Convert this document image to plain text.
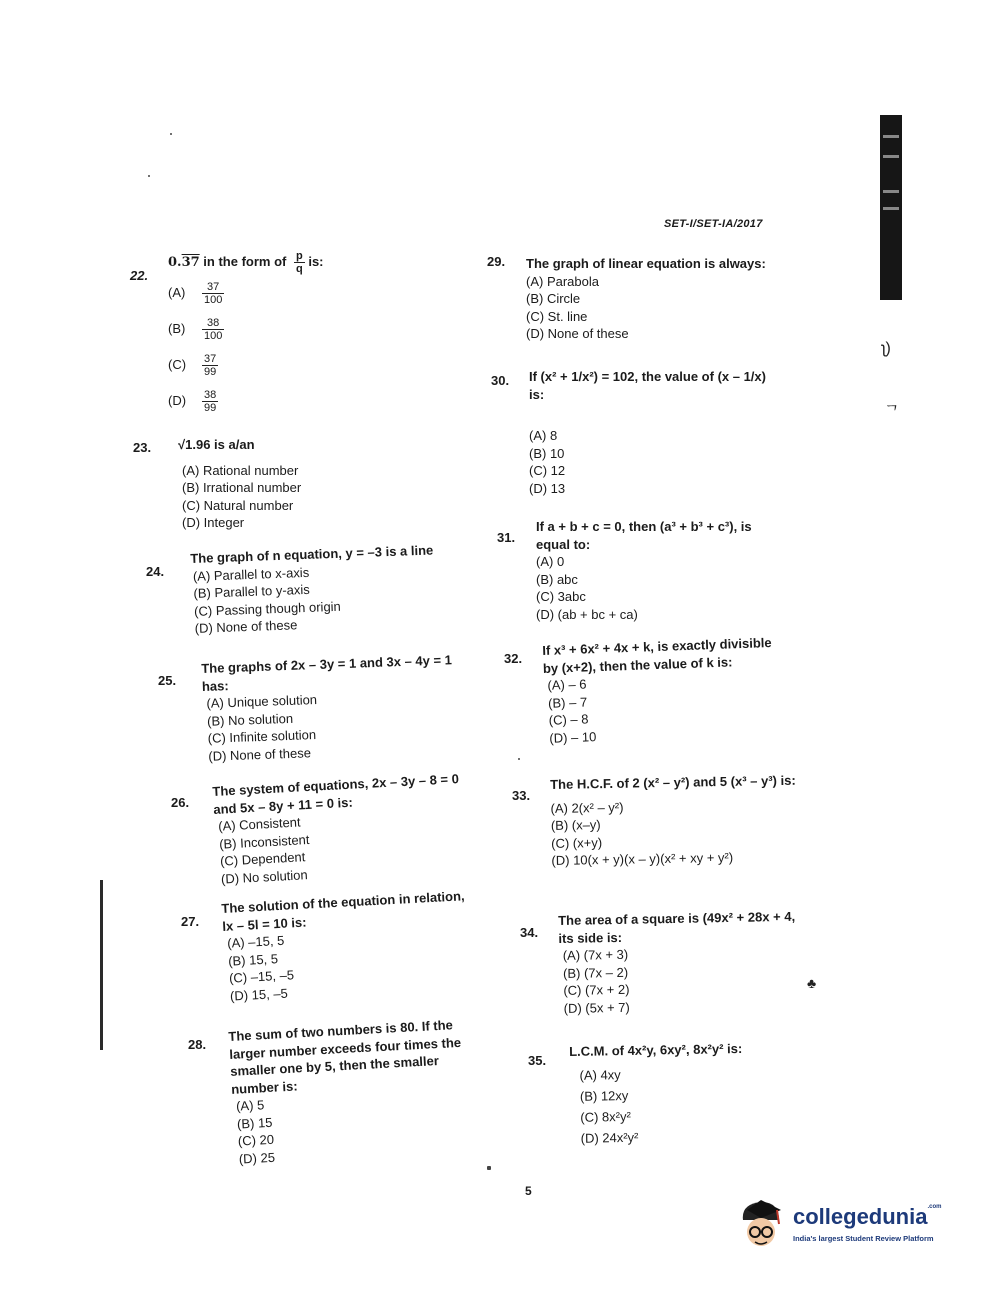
SET-I/SET-IA/2017
22.
0.37 in the form of $\frac{p}{q}$ is:
(A)	$\frac{37}{100}$
(B)	$\frac{38}{100}$
(C)	$\frac{37}{99}$
(D)	$\frac{38}{99}$
23. √1.96 is a/an
(A) Rational number
(B) Irrational number
(C) Natural number
(D) Integer
24.
The graph of n equation, y = –3 is a line
(A) Parallel to x-axis
(B) Parallel to y-axis
(C) Passing though origin
(D) None of these
25.
The graphs of 2x – 3y = 1 and 3x – 4y = 1 has:
(A) Unique solution
(B) No solution
(C) Infinite solution
(D) None of these
26.
The system of equations, 2x – 3y – 8 = 0 and 5x – 8y + 11 = 0 is:
(A) Consistent
(B) Inconsistent
(C) Dependent
(D) No solution
27.
The solution of the equation in relation, lx – 5l = 10 is:
(A) –15, 5
(B) 15, 5
(C) –15, –5
(D) 15, –5
28.
The sum of two numbers is 80. If the larger number exceeds four times the smaller one by 5, then the smaller number is:
(A) 5
(B) 15
(C) 20
(D) 25
29. The graph of linear equation is always:
(A) Parabola
(B) Circle
(C) St. line
(D) None of these
30. If (x² + 1/x²) = 102, the value of (x – 1/x) is:
(A) 8
(B) 10
(C) 12
(D) 13
31.
If a + b + c = 0, then (a³ + b³ + c³), is equal to:
(A) 0
(B) abc
(C) 3abc
(D) (ab + bc + ca)
32.
If x³ + 6x² + 4x + k, is exactly divisible by (x+2), then the value of k is:
(A) – 6
(B) – 7
(C) – 8
(D) – 10
33.
The H.C.F. of 2 (x² – y²) and 5 (x³ – y³) is:
(A) 2(x² – y²)
(B) (x–y)
(C) (x+y)
(D) 10(x + y)(x – y)(x² + xy + y²)
34.
The area of a square is (49x² + 28x + 4, its side is:
(A) (7x + 3)
(B) (7x – 2)
(C) (7x + 2)
(D) (5x + 7)
35.
L.C.M. of 4x²y, 6xy², 8x²y² is:
(A) 4xy
(B) 12xy
(C) 8x²y²
(D) 24x²y²
5
ʅ)
ᄀ
♣
collegedunia$^{.com}$
India's largest Student Review Platform
